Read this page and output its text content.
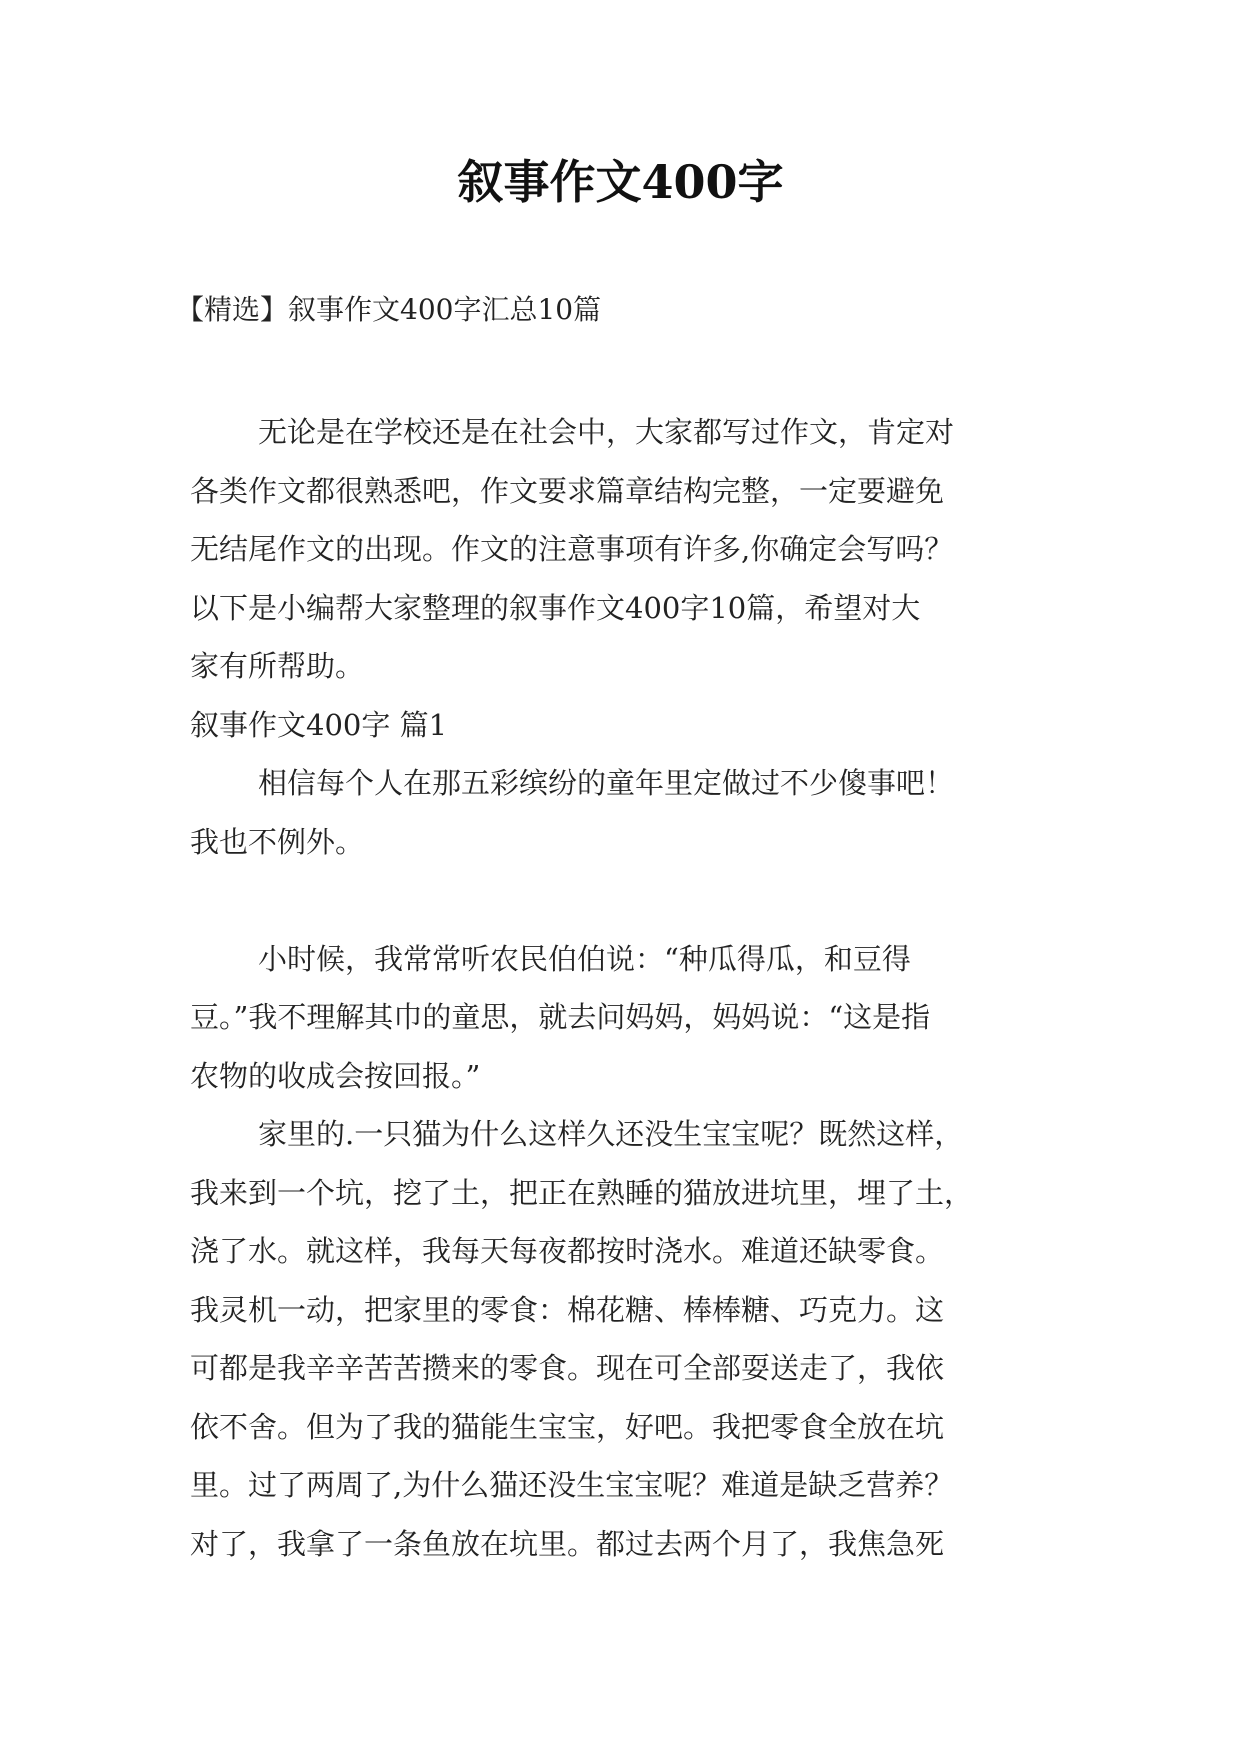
叙事作文400字
【精选】叙事作文400字汇总10篇
无论是在学校还是在社会中，大家都写过作文，肯定对
各类作文都很熟悉吧，作文要求篇章结构完整，一定要避免
无结尾作文的出现。作文的注意事项有许多,你确定会写吗？
以下是小编帮大家整理的叙事作文400字10篇，希望对大
家有所帮助。
叙事作文400字 篇1
相信每个人在那五彩缤纷的童年里定做过不少傻事吧！
我也不例外。
小时候，我常常听农民伯伯说：“种瓜得瓜，和豆得
豆。”我不理解其巾的童思，就去问妈妈，妈妈说：“这是指
农物的收成会按回报。”
家里的.一只猫为什么这样久还没生宝宝呢？既然这样，
我来到一个坑，挖了土，把正在熟睡的猫放进坑里，埋了土，
浇了水。就这样，我每天每夜都按时浇水。难道还缺零食。
我灵机一动，把家里的零食：棉花糖、棒棒糖、巧克力。这
可都是我辛辛苦苦攒来的零食。现在可全部耍送走了，我依
依不舍。但为了我的猫能生宝宝，好吧。我把零食全放在坑
里。过了两周了,为什么猫还没生宝宝呢？难道是缺乏营养？
对了，我拿了一条鱼放在坑里。都过去两个月了，我焦急死
